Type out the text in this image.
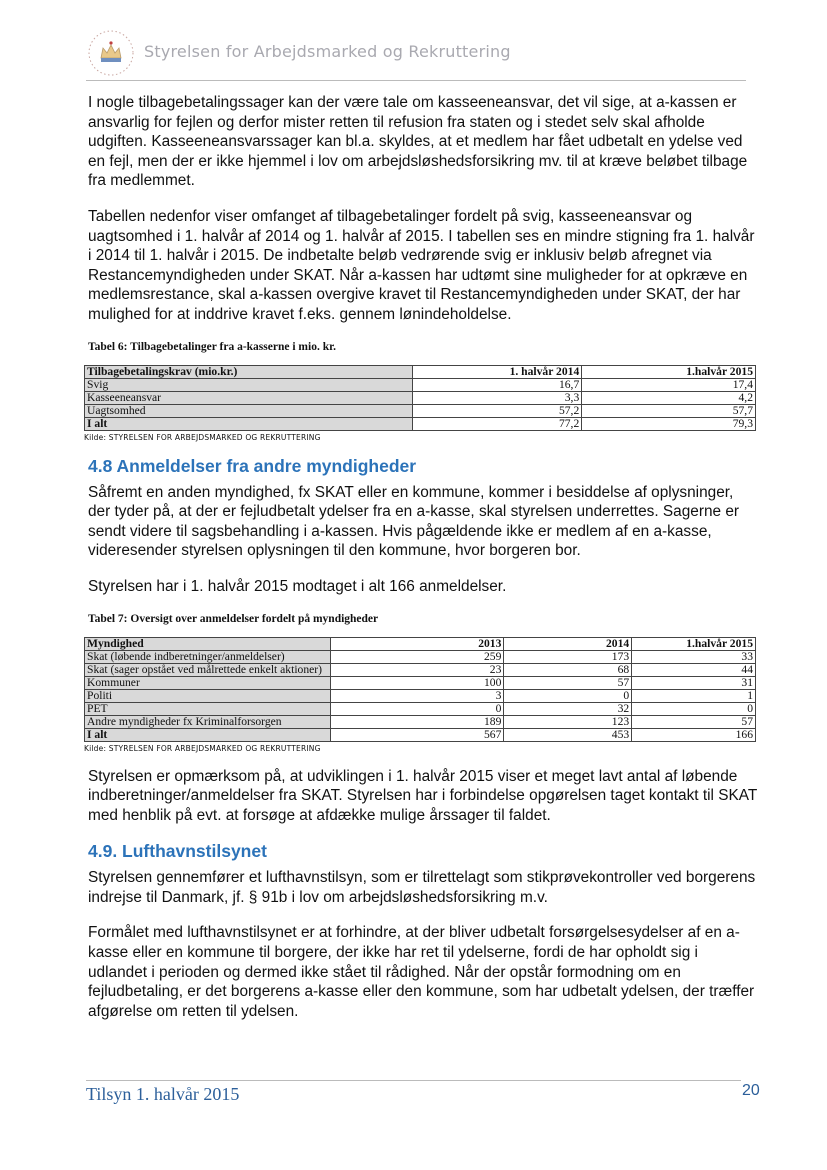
Styrelsen for Arbejdsmarked og Rekruttering

I nogle tilbagebetalingssager kan der være tale om kasseeneansvar, det vil sige, at a-kassen er ansvarlig for fejlen og derfor mister retten til refusion fra staten og i stedet selv skal afholde udgiften. Kasseeneansvarssager kan bl.a. skyldes, at et medlem har fået udbetalt en ydelse ved en fejl, men der er ikke hjemmel i lov om arbejdsløshedsforsikring mv. til at kræve beløbet tilbage fra medlemmet.

Tabellen nedenfor viser omfanget af tilbagebetalinger fordelt på svig, kasseeneansvar og uagtsomhed i 1. halvår af 2014 og 1. halvår af 2015. I tabellen ses en mindre stigning fra 1. halvår i 2014 til 1. halvår i 2015. De indbetalte beløb vedrørende svig er inklusiv beløb afregnet via Restancemyndigheden under SKAT. Når a-kassen har udtømt sine muligheder for at opkræve en medlemsrestance, skal a-kassen overgive kravet til Restancemyndigheden under SKAT, der har mulighed for at inddrive kravet f.eks. gennem lønindeholdelse.

Tabel 6: Tilbagebetalinger fra a-kasserne i mio. kr.
Tilbagebetalingskrav (mio.kr.)	1. halvår 2014	1.halvår 2015
Svig	16,7	17,4
Kasseeneansvar	3,3	4,2
Uagtsomhed	57,2	57,7
I alt	77,2	79,3
Kilde: STYRELSEN FOR ARBEJDSMARKED OG REKRUTTERING
4.8 Anmeldelser fra andre myndigheder

Såfremt en anden myndighed, fx SKAT eller en kommune, kommer i besiddelse af oplysninger, der tyder på, at der er fejludbetalt ydelser fra en a-kasse, skal styrelsen underrettes. Sagerne er sendt videre til sagsbehandling i a-kassen. Hvis pågældende ikke er medlem af en a-kasse, videresender styrelsen oplysningen til den kommune, hvor borgeren bor.

Styrelsen har i 1. halvår 2015 modtaget i alt 166 anmeldelser.

Tabel 7: Oversigt over anmeldelser fordelt på myndigheder
Myndighed	2013	2014	1.halvår 2015
Skat (løbende indberetninger/anmeldelser)	259	173	33
Skat (sager opstået ved målrettede enkelt aktioner)	23	68	44
Kommuner	100	57	31
Politi	3	0	1
PET	0	32	0
Andre myndigheder fx Kriminalforsorgen	189	123	57
I alt	567	453	166
Kilde: STYRELSEN FOR ARBEJDSMARKED OG REKRUTTERING

Styrelsen er opmærksom på, at udviklingen i 1. halvår 2015 viser et meget lavt antal af løbende indberetninger/anmeldelser fra SKAT. Styrelsen har i forbindelse opgørelsen taget kontakt til SKAT med henblik på evt. at forsøge at afdække mulige årssager til faldet.

4.9. Lufthavnstilsynet

Styrelsen gennemfører et lufthavnstilsyn, som er tilrettelagt som stikprøvekontroller ved borgerens indrejse til Danmark, jf. § 91b i lov om arbejdsløshedsforsikring m.v.

Formålet med lufthavnstilsynet er at forhindre, at der bliver udbetalt forsørgelsesydelser af en a-kasse eller en kommune til borgere, der ikke har ret til ydelserne, fordi de har opholdt sig i udlandet i perioden og dermed ikke stået til rådighed. Når der opstår formodning om en fejludbetaling, er det borgerens a-kasse eller den kommune, som har udbetalt ydelsen, der træffer afgørelse om retten til ydelsen.

Tilsyn 1. halvår 2015	20
